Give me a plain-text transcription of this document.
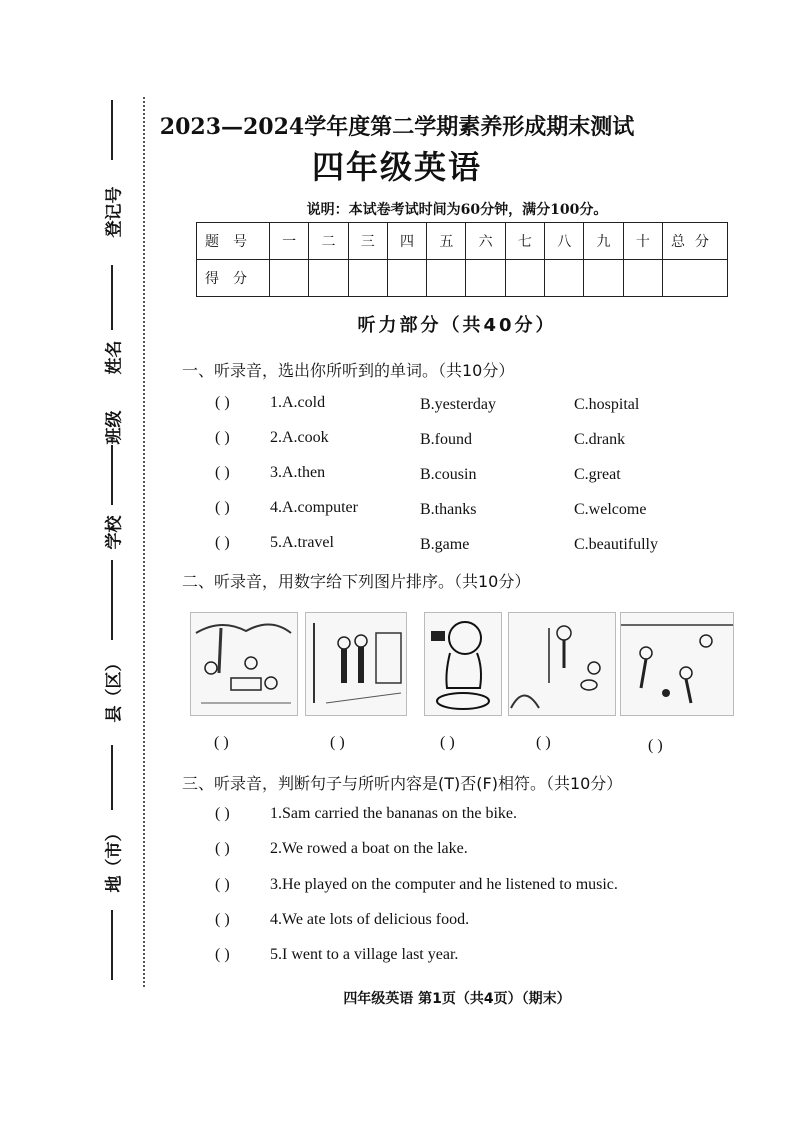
登记号
姓名
班级
学校
县（区）
地（市）
2023—2024学年度第二学期素养形成期末测试
四年级英语
说明：本试卷考试时间为60分钟，满分100分。
题号	一	二	三	四	五	六	七	八	九	十	总分
得分											
听力部分（共40分）
一、听录音，选出你所听到的单词。（共10分）
( )	1.A.cold	B.yesterday	C.hospital
( )	2.A.cook	B.found	C.drank
( )	3.A.then	B.cousin	C.great
( )	4.A.computer	B.thanks	C.welcome
( )	5.A.travel	B.game	C.beautifully
二、听录音，用数字给下列图片排序。（共10分）
( )	( )	( )	( )	( )
三、听录音，判断句子与所听内容是(T)否(F)相符。（共10分）
( )	1.Sam carried the bananas on the bike.
( )	2.We rowed a boat on the lake.
( )	3.He played on the computer and he listened to music.
( )	4.We ate lots of delicious food.
( )	5.I went to a village last year.
四年级英语 第1页（共4页）（期末）
